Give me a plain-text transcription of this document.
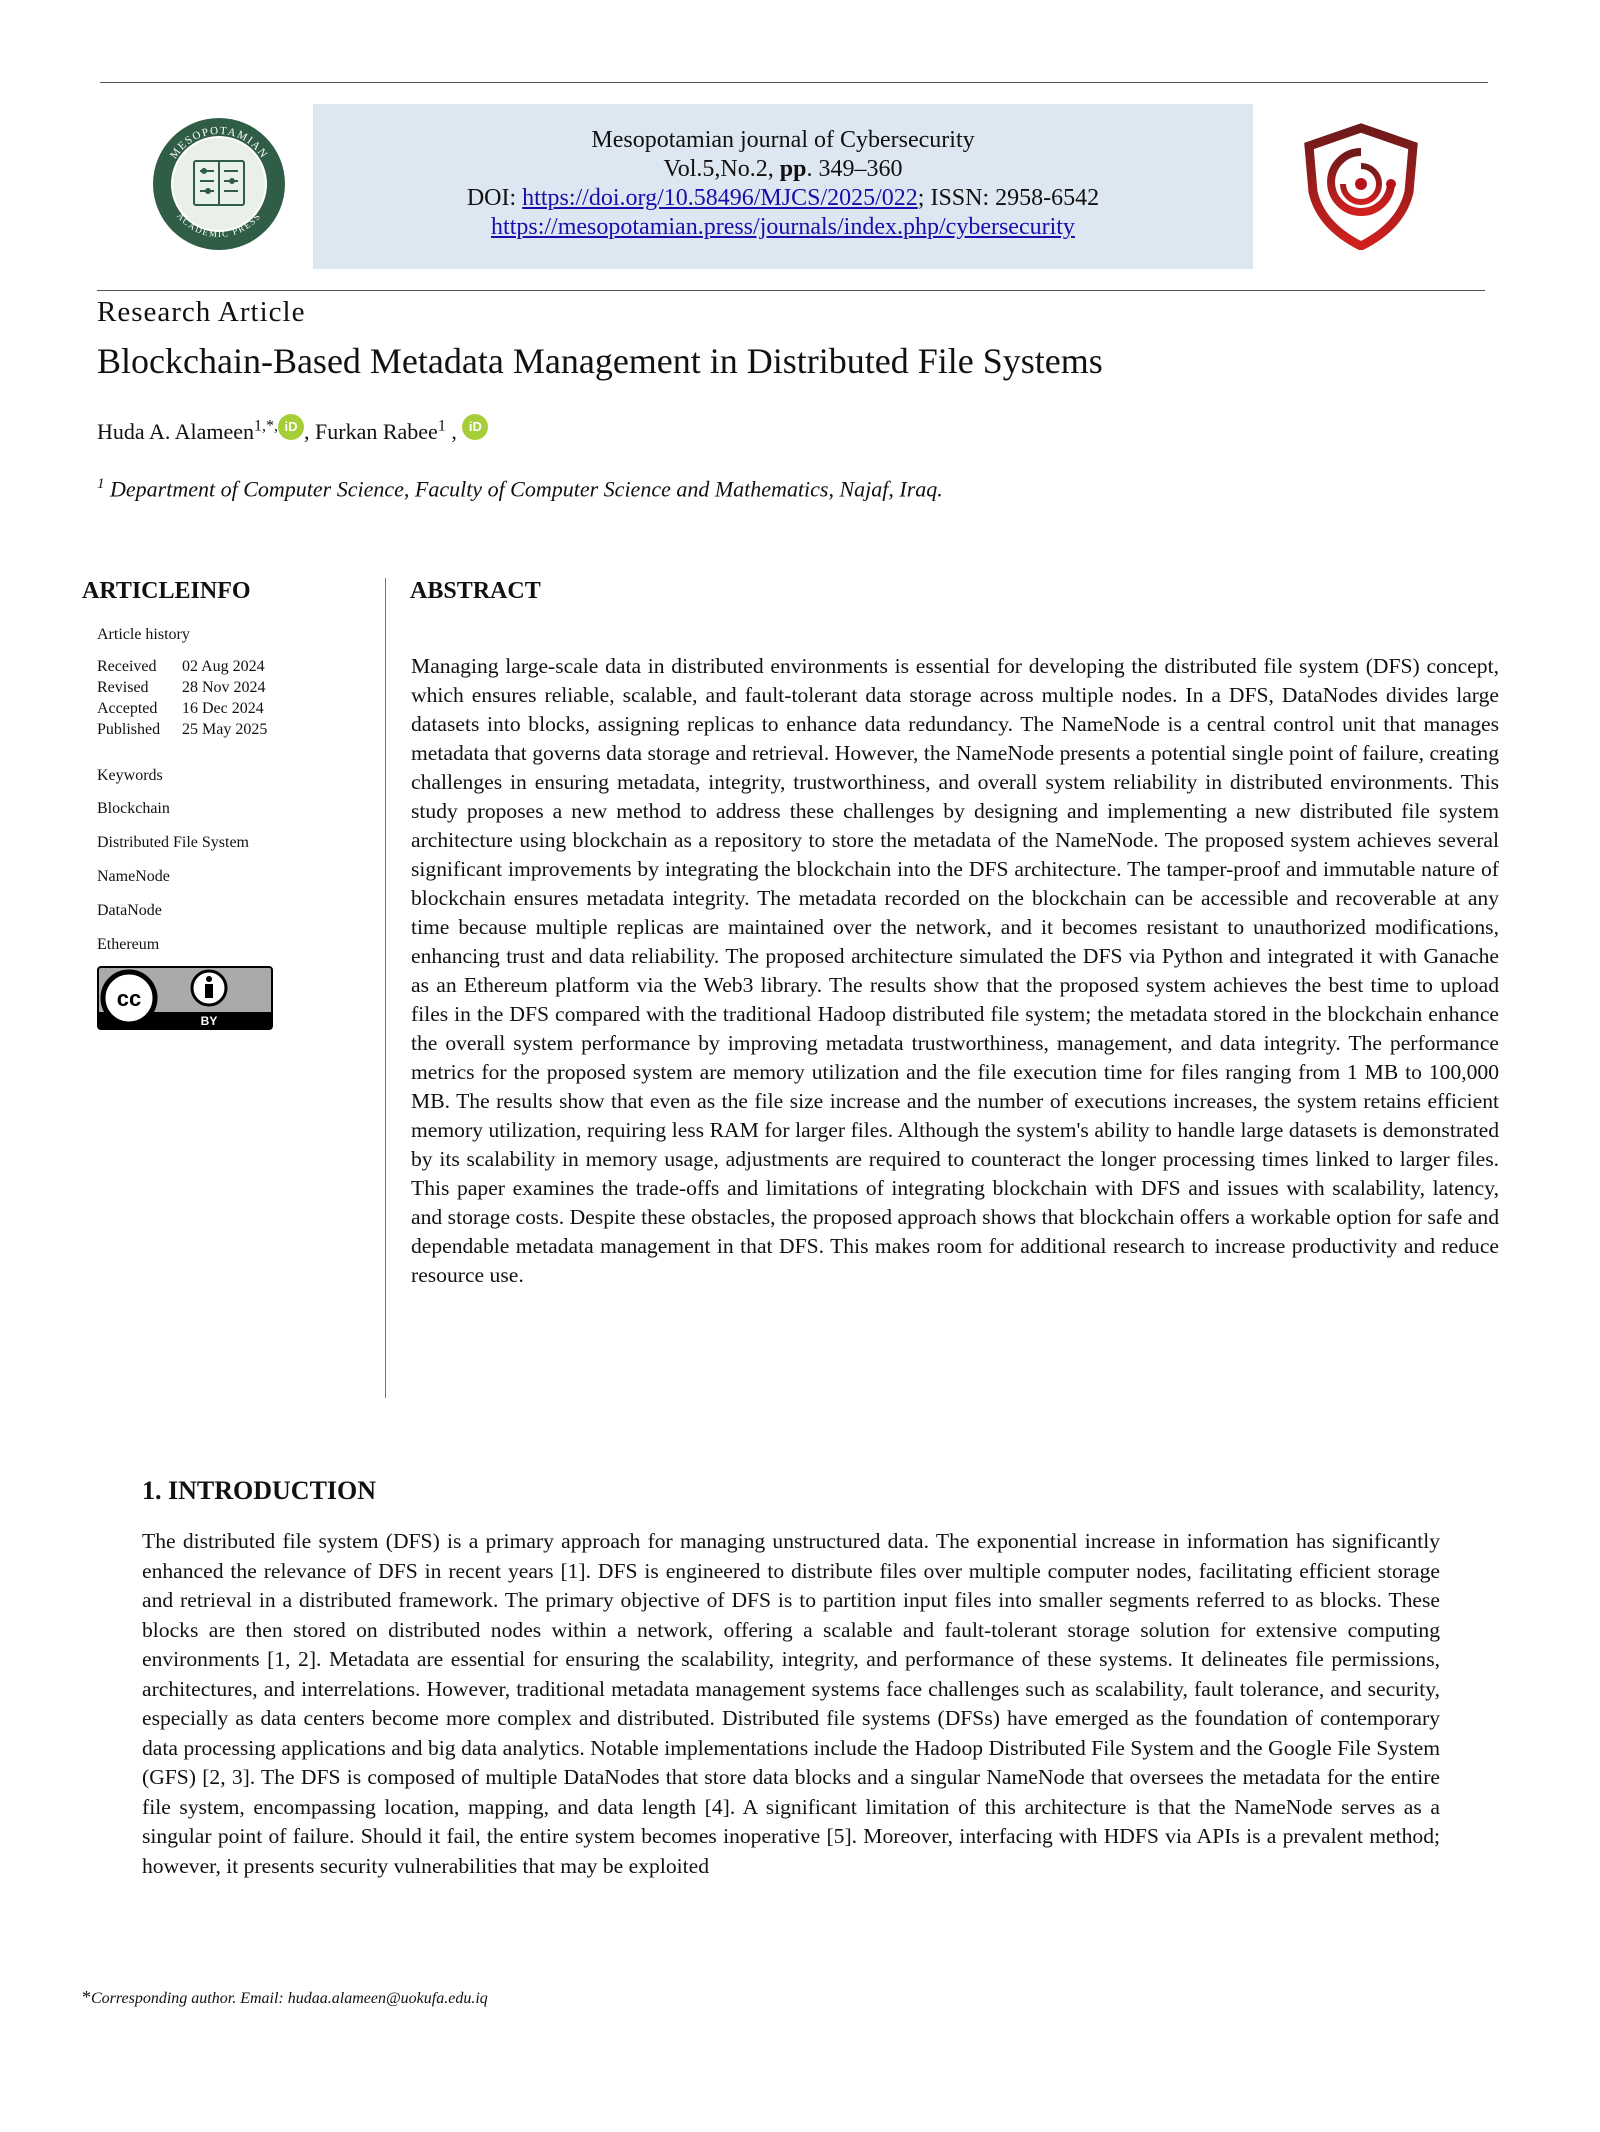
MESOPOTAMIAN
ACADEMIC PRESS
Mesopotamian journal of Cybersecurity
Vol.5,No.2, pp. 349–360
DOI: https://doi.org/10.58496/MJCS/2025/022; ISSN: 2958-6542
https://mesopotamian.press/journals/index.php/cybersecurity
Research Article
Blockchain-Based Metadata Management in Distributed File Systems
Huda A. Alameen$^{1,*,}$ iD , Furkan Rabee$^1$ , iD
$^1$ Department of Computer Science, Faculty of Computer Science and Mathematics, Najaf, Iraq.
ARTICLEINFO
Article history
Received 02 Aug 2024
Revised 28 Nov 2024
Accepted 16 Dec 2024
Published 25 May 2025
Keywords
Blockchain
Distributed File System
NameNode
DataNode
Ethereum
cc
BY
ABSTRACT
Managing large-scale data in distributed environments is essential for developing the distributed file system (DFS) concept, which ensures reliable, scalable, and fault-tolerant data storage across multiple nodes. In a DFS, DataNodes divides large datasets into blocks, assigning replicas to enhance data redundancy. The NameNode is a central control unit that manages metadata that governs data storage and retrieval. However, the NameNode presents a potential single point of failure, creating challenges in ensuring metadata, integrity, trustworthiness, and overall system reliability in distributed environments. This study proposes a new method to address these challenges by designing and implementing a new distributed file system architecture using blockchain as a repository to store the metadata of the NameNode. The proposed system achieves several significant improvements by integrating the blockchain into the DFS architecture. The tamper-proof and immutable nature of blockchain ensures metadata integrity. The metadata recorded on the blockchain can be accessible and recoverable at any time because multiple replicas are maintained over the network, and it becomes resistant to unauthorized modifications, enhancing trust and data reliability. The proposed architecture simulated the DFS via Python and integrated it with Ganache as an Ethereum platform via the Web3 library. The results show that the proposed system achieves the best time to upload files in the DFS compared with the traditional Hadoop distributed file system; the metadata stored in the blockchain enhance the overall system performance by improving metadata trustworthiness, management, and data integrity. The performance metrics for the proposed system are memory utilization and the file execution time for files ranging from 1 MB to 100,000 MB. The results show that even as the file size increase and the number of executions increases, the system retains efficient memory utilization, requiring less RAM for larger files. Although the system's ability to handle large datasets is demonstrated by its scalability in memory usage, adjustments are required to counteract the longer processing times linked to larger files. This paper examines the trade-offs and limitations of integrating blockchain with DFS and issues with scalability, latency, and storage costs. Despite these obstacles, the proposed approach shows that blockchain offers a workable option for safe and dependable metadata management in that DFS. This makes room for additional research to increase productivity and reduce resource use.
1. INTRODUCTION
The distributed file system (DFS) is a primary approach for managing unstructured data. The exponential increase in information has significantly enhanced the relevance of DFS in recent years [1]. DFS is engineered to distribute files over multiple computer nodes, facilitating efficient storage and retrieval in a distributed framework. The primary objective of DFS is to partition input files into smaller segments referred to as blocks. These blocks are then stored on distributed nodes within a network, offering a scalable and fault-tolerant storage solution for extensive computing environments [1, 2]. Metadata are essential for ensuring the scalability, integrity, and performance of these systems. It delineates file permissions, architectures, and interrelations. However, traditional metadata management systems face challenges such as scalability, fault tolerance, and security, especially as data centers become more complex and distributed. Distributed file systems (DFSs) have emerged as the foundation of contemporary data processing applications and big data analytics. Notable implementations include the Hadoop Distributed File System and the Google File System (GFS) [2, 3]. The DFS is composed of multiple DataNodes that store data blocks and a singular NameNode that oversees the metadata for the entire file system, encompassing location, mapping, and data length [4]. A significant limitation of this architecture is that the NameNode serves as a singular point of failure. Should it fail, the entire system becomes inoperative [5]. Moreover, interfacing with HDFS via APIs is a prevalent method; however, it presents security vulnerabilities that may be exploited
*Corresponding author. Email: hudaa.alameen@uokufa.edu.iq
